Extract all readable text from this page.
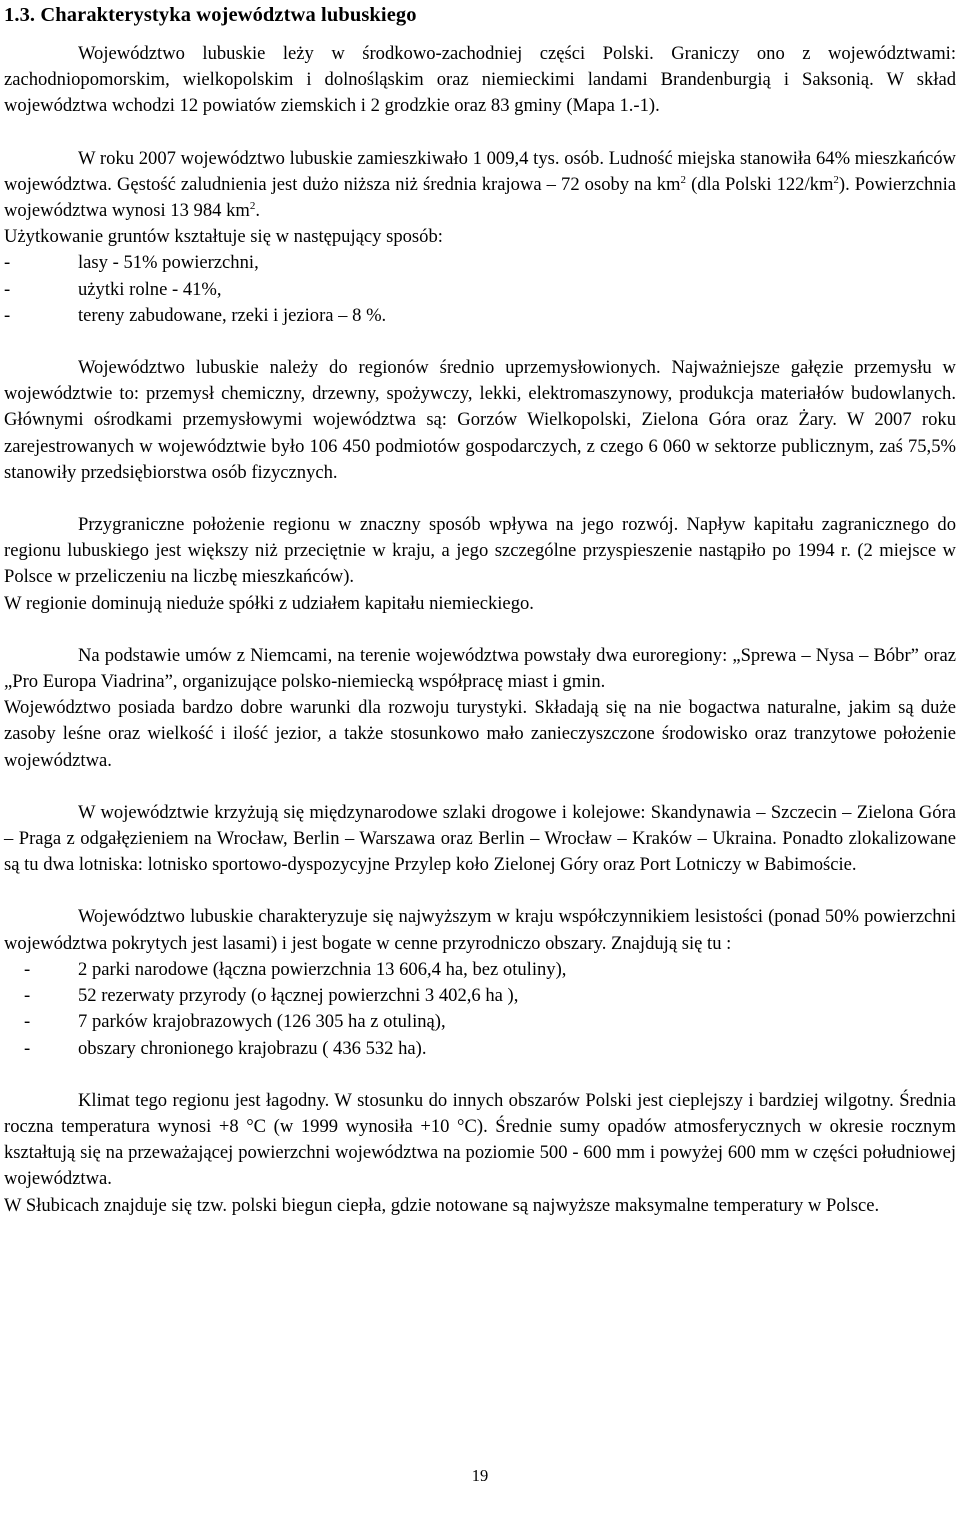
1.3. Charakterystyka województwa lubuskiego

Województwo lubuskie leży w środkowo-zachodniej części Polski. Graniczy ono z województwami: zachodniopomorskim, wielkopolskim i dolnośląskim oraz niemieckimi landami Brandenburgią i Saksonią. W skład województwa wchodzi 12 powiatów ziemskich i 2 grodzkie oraz 83 gminy (Mapa 1.-1).

W roku 2007 województwo lubuskie zamieszkiwało 1 009,4 tys. osób. Ludność miejska stanowiła 64% mieszkańców województwa. Gęstość zaludnienia jest dużo niższa niż średnia krajowa – 72 osoby na $km^2$ (dla Polski $122/km^2$). Powierzchnia województwa wynosi 13 984 $km^2$.

Użytkowanie gruntów kształtuje się w następujący sposób:

-	lasy - 51% powierzchni,
-	użytki rolne - 41%,
-	tereny zabudowane, rzeki i jeziora – 8 %.

Województwo lubuskie należy do regionów średnio uprzemysłowionych. Najważniejsze gałęzie przemysłu w województwie to: przemysł chemiczny, drzewny, spożywczy, lekki, elektromaszynowy, produkcja materiałów budowlanych. Głównymi ośrodkami przemysłowymi województwa są: Gorzów Wielkopolski, Zielona Góra oraz Żary. W 2007 roku zarejestrowanych w województwie było 106 450 podmiotów gospodarczych, z czego 6 060 w sektorze publicznym, zaś 75,5% stanowiły przedsiębiorstwa osób fizycznych.

Przygraniczne położenie regionu w znaczny sposób wpływa na jego rozwój. Napływ kapitału zagranicznego do regionu lubuskiego jest większy niż przeciętnie w kraju, a jego szczególne przyspieszenie nastąpiło po 1994 r. (2 miejsce w Polsce w przeliczeniu na liczbę mieszkańców).

W regionie dominują nieduże spółki z udziałem kapitału niemieckiego.

Na podstawie umów z Niemcami, na terenie województwa powstały dwa euroregiony: „Sprewa – Nysa – Bóbr” oraz „Pro Europa Viadrina”, organizujące polsko-niemiecką współpracę miast i gmin.

Województwo posiada bardzo dobre warunki dla rozwoju turystyki. Składają się na nie bogactwa naturalne, jakim są duże zasoby leśne oraz wielkość i ilość jezior, a także stosunkowo mało zanieczyszczone środowisko oraz tranzytowe położenie województwa.

W województwie krzyżują się międzynarodowe szlaki drogowe i kolejowe: Skandynawia – Szczecin – Zielona Góra – Praga z odgałęzieniem na Wrocław, Berlin – Warszawa oraz Berlin – Wrocław – Kraków – Ukraina. Ponadto zlokalizowane są tu dwa lotniska: lotnisko sportowo-dyspozycyjne Przylep koło Zielonej Góry oraz Port Lotniczy w Babimoście.

Województwo lubuskie charakteryzuje się najwyższym w kraju współczynnikiem lesistości (ponad 50% powierzchni województwa pokrytych jest lasami) i jest bogate w cenne przyrodniczo obszary. Znajdują się tu :

-	2 parki narodowe (łączna powierzchnia 13 606,4 ha, bez otuliny),
-	52 rezerwaty przyrody (o łącznej powierzchni 3 402,6 ha ),
-	7 parków krajobrazowych (126 305 ha z otuliną),
-	obszary chronionego krajobrazu ( 436 532 ha).

Klimat tego regionu jest łagodny. W stosunku do innych obszarów Polski jest cieplejszy i bardziej wilgotny. Średnia roczna temperatura wynosi +8 °C (w 1999 wynosiła +10 °C). Średnie sumy opadów atmosferycznych w okresie rocznym kształtują się na przeważającej powierzchni województwa na poziomie 500 - 600 mm i powyżej 600 mm w części południowej województwa.

W Słubicach znajduje się tzw. polski biegun ciepła, gdzie notowane są najwyższe maksymalne temperatury w Polsce.

19
